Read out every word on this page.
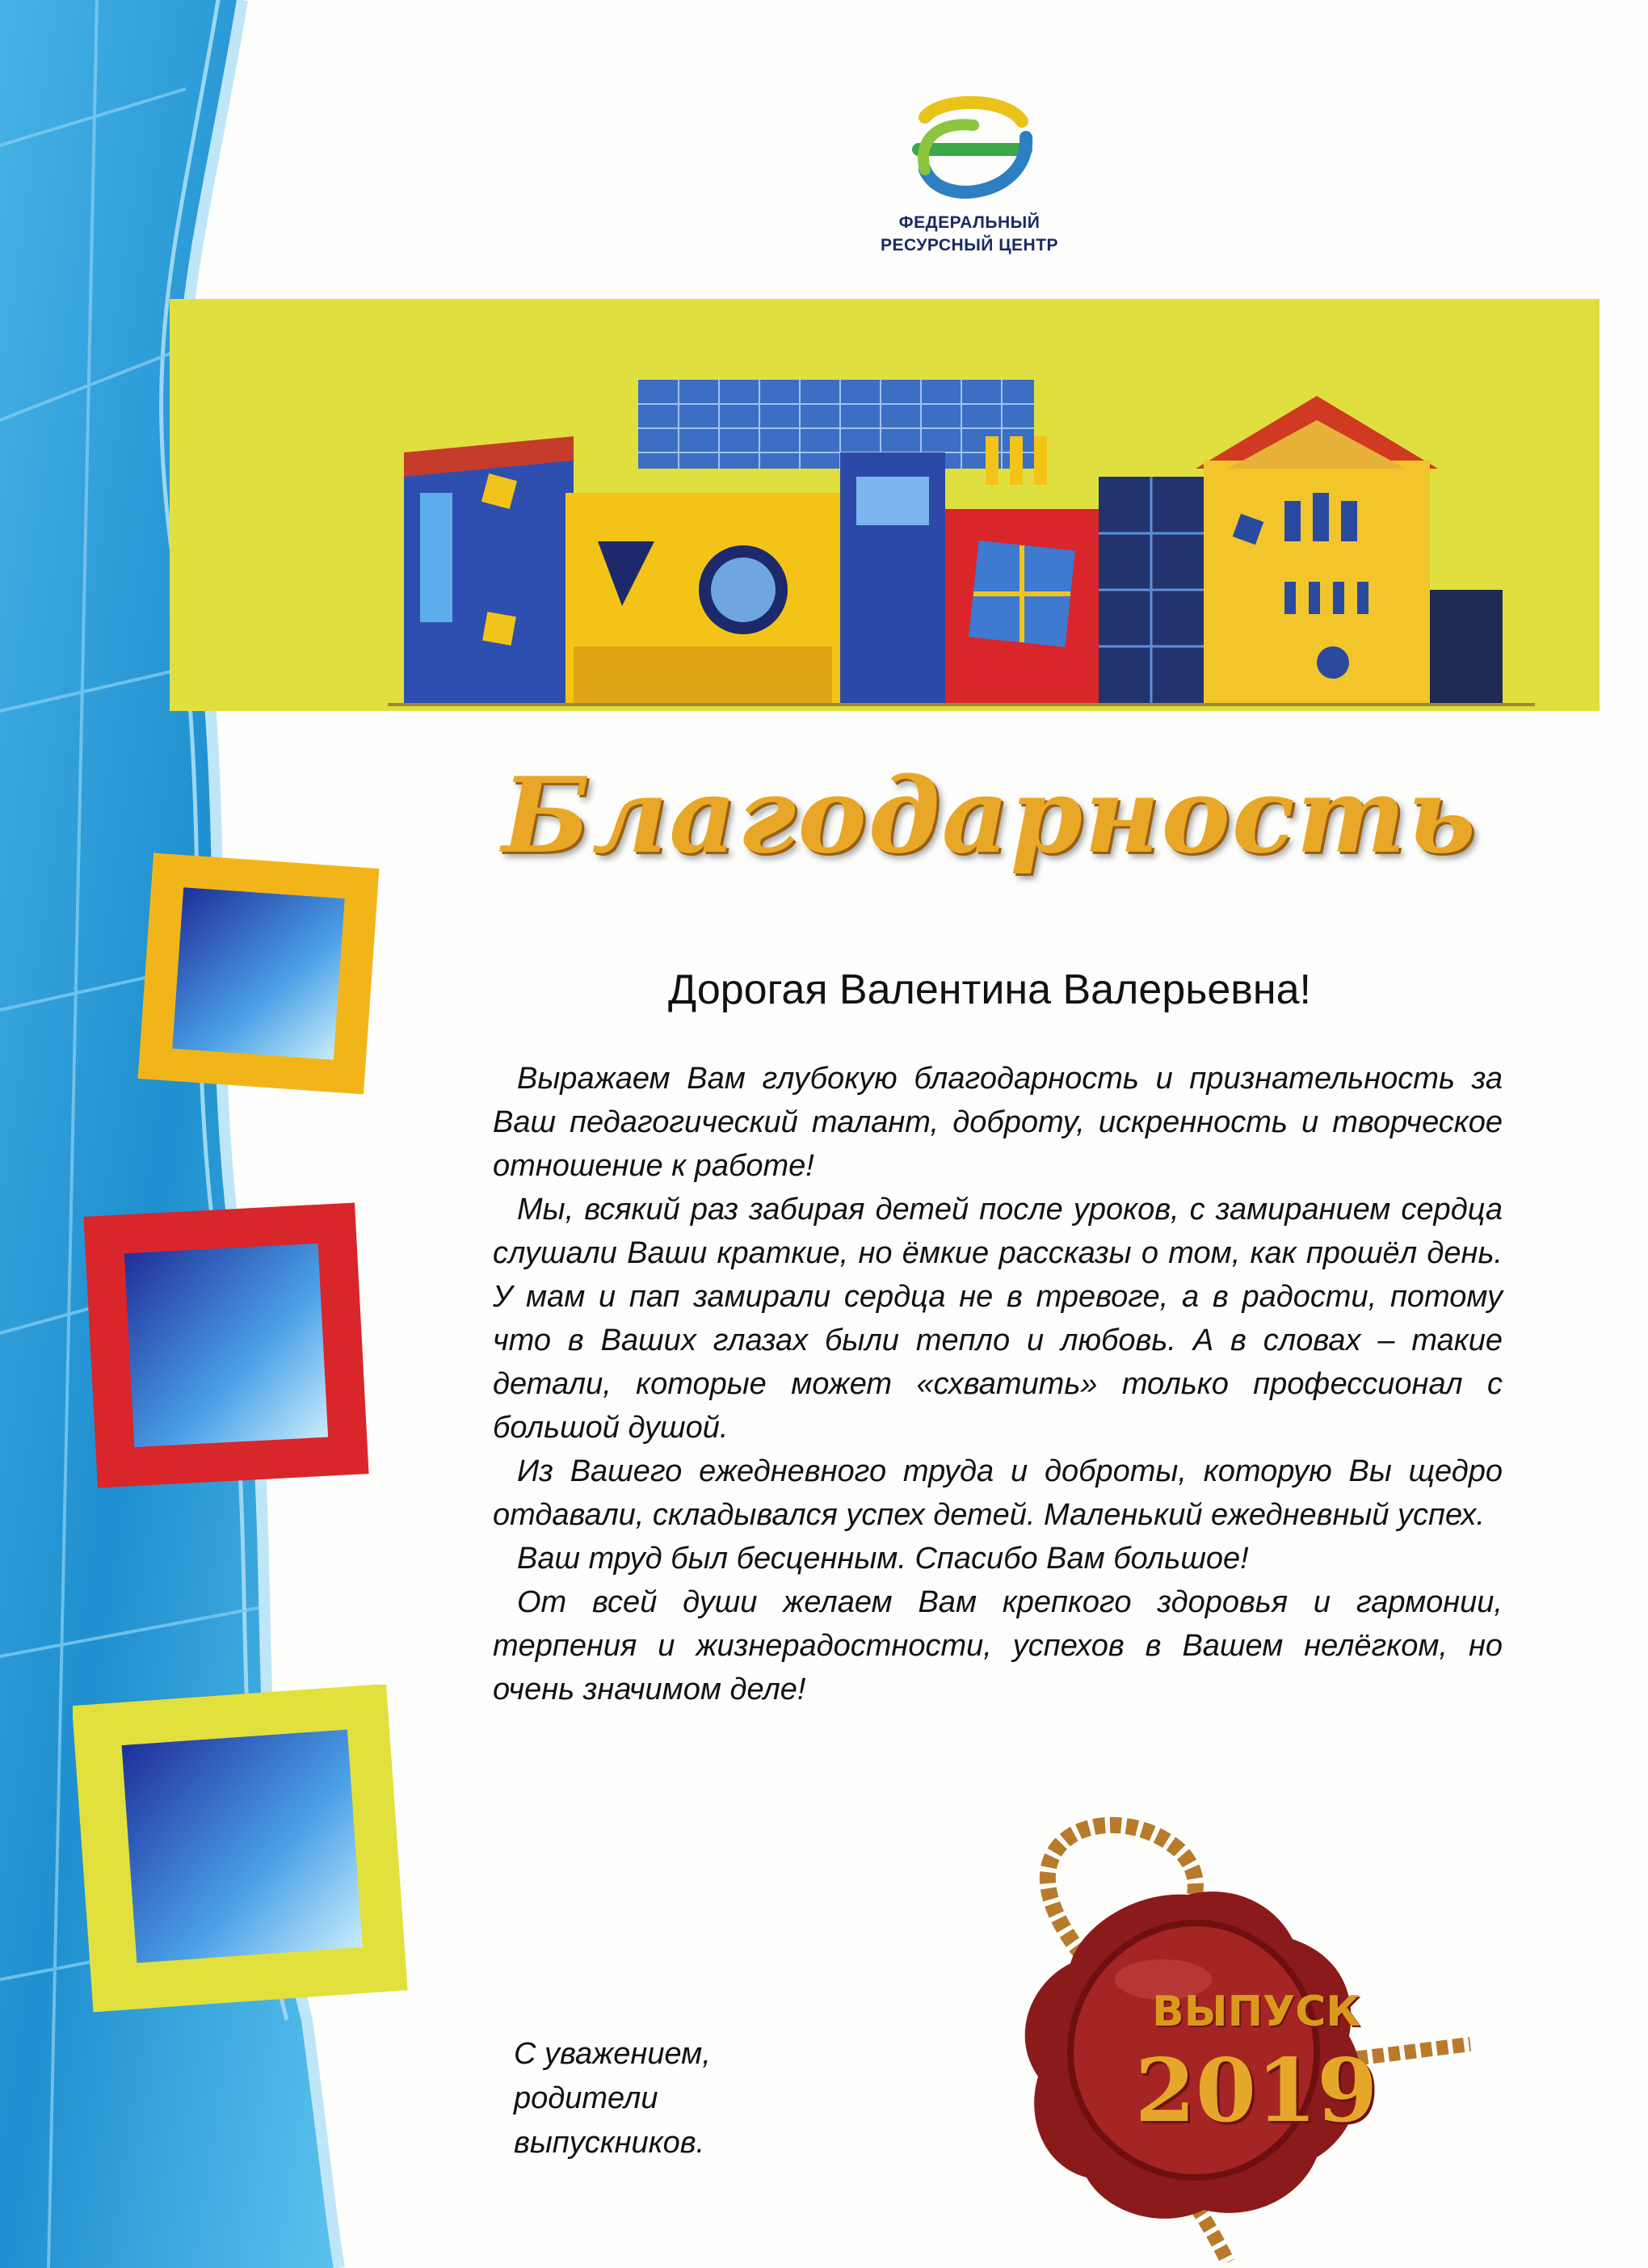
ФЕДЕРАЛЬНЫЙ
РЕСУРСНЫЙ ЦЕНТР
Благодарность
Дорогая Валентина Валерьевна!

Выражаем Вам глубокую благодарность и признательность за Ваш педагогический талант, доброту, искренность и творческое отношение к работе!

Мы, всякий раз забирая детей после уроков, с замиранием сердца слушали Ваши краткие, но ёмкие рассказы о том, как прошёл день. У мам и пап замирали сердца не в тревоге, а в радости, потому что в Ваших глазах были тепло и любовь. А в словах – такие детали, которые может «схватить» только профессионал с большой душой.

Из Вашего ежедневного труда и доброты, которую Вы щедро отдавали, складывался успех детей. Маленький ежедневный успех.

Ваш труд был бесценным. Спасибо Вам большое!

От всей души желаем Вам крепкого здоровья и гармонии, терпения и жизнерадостности, успехов в Вашем нелёгком, но очень значимом деле!

ВЫПУСК
2019
С уважением,
родители
выпускников.
